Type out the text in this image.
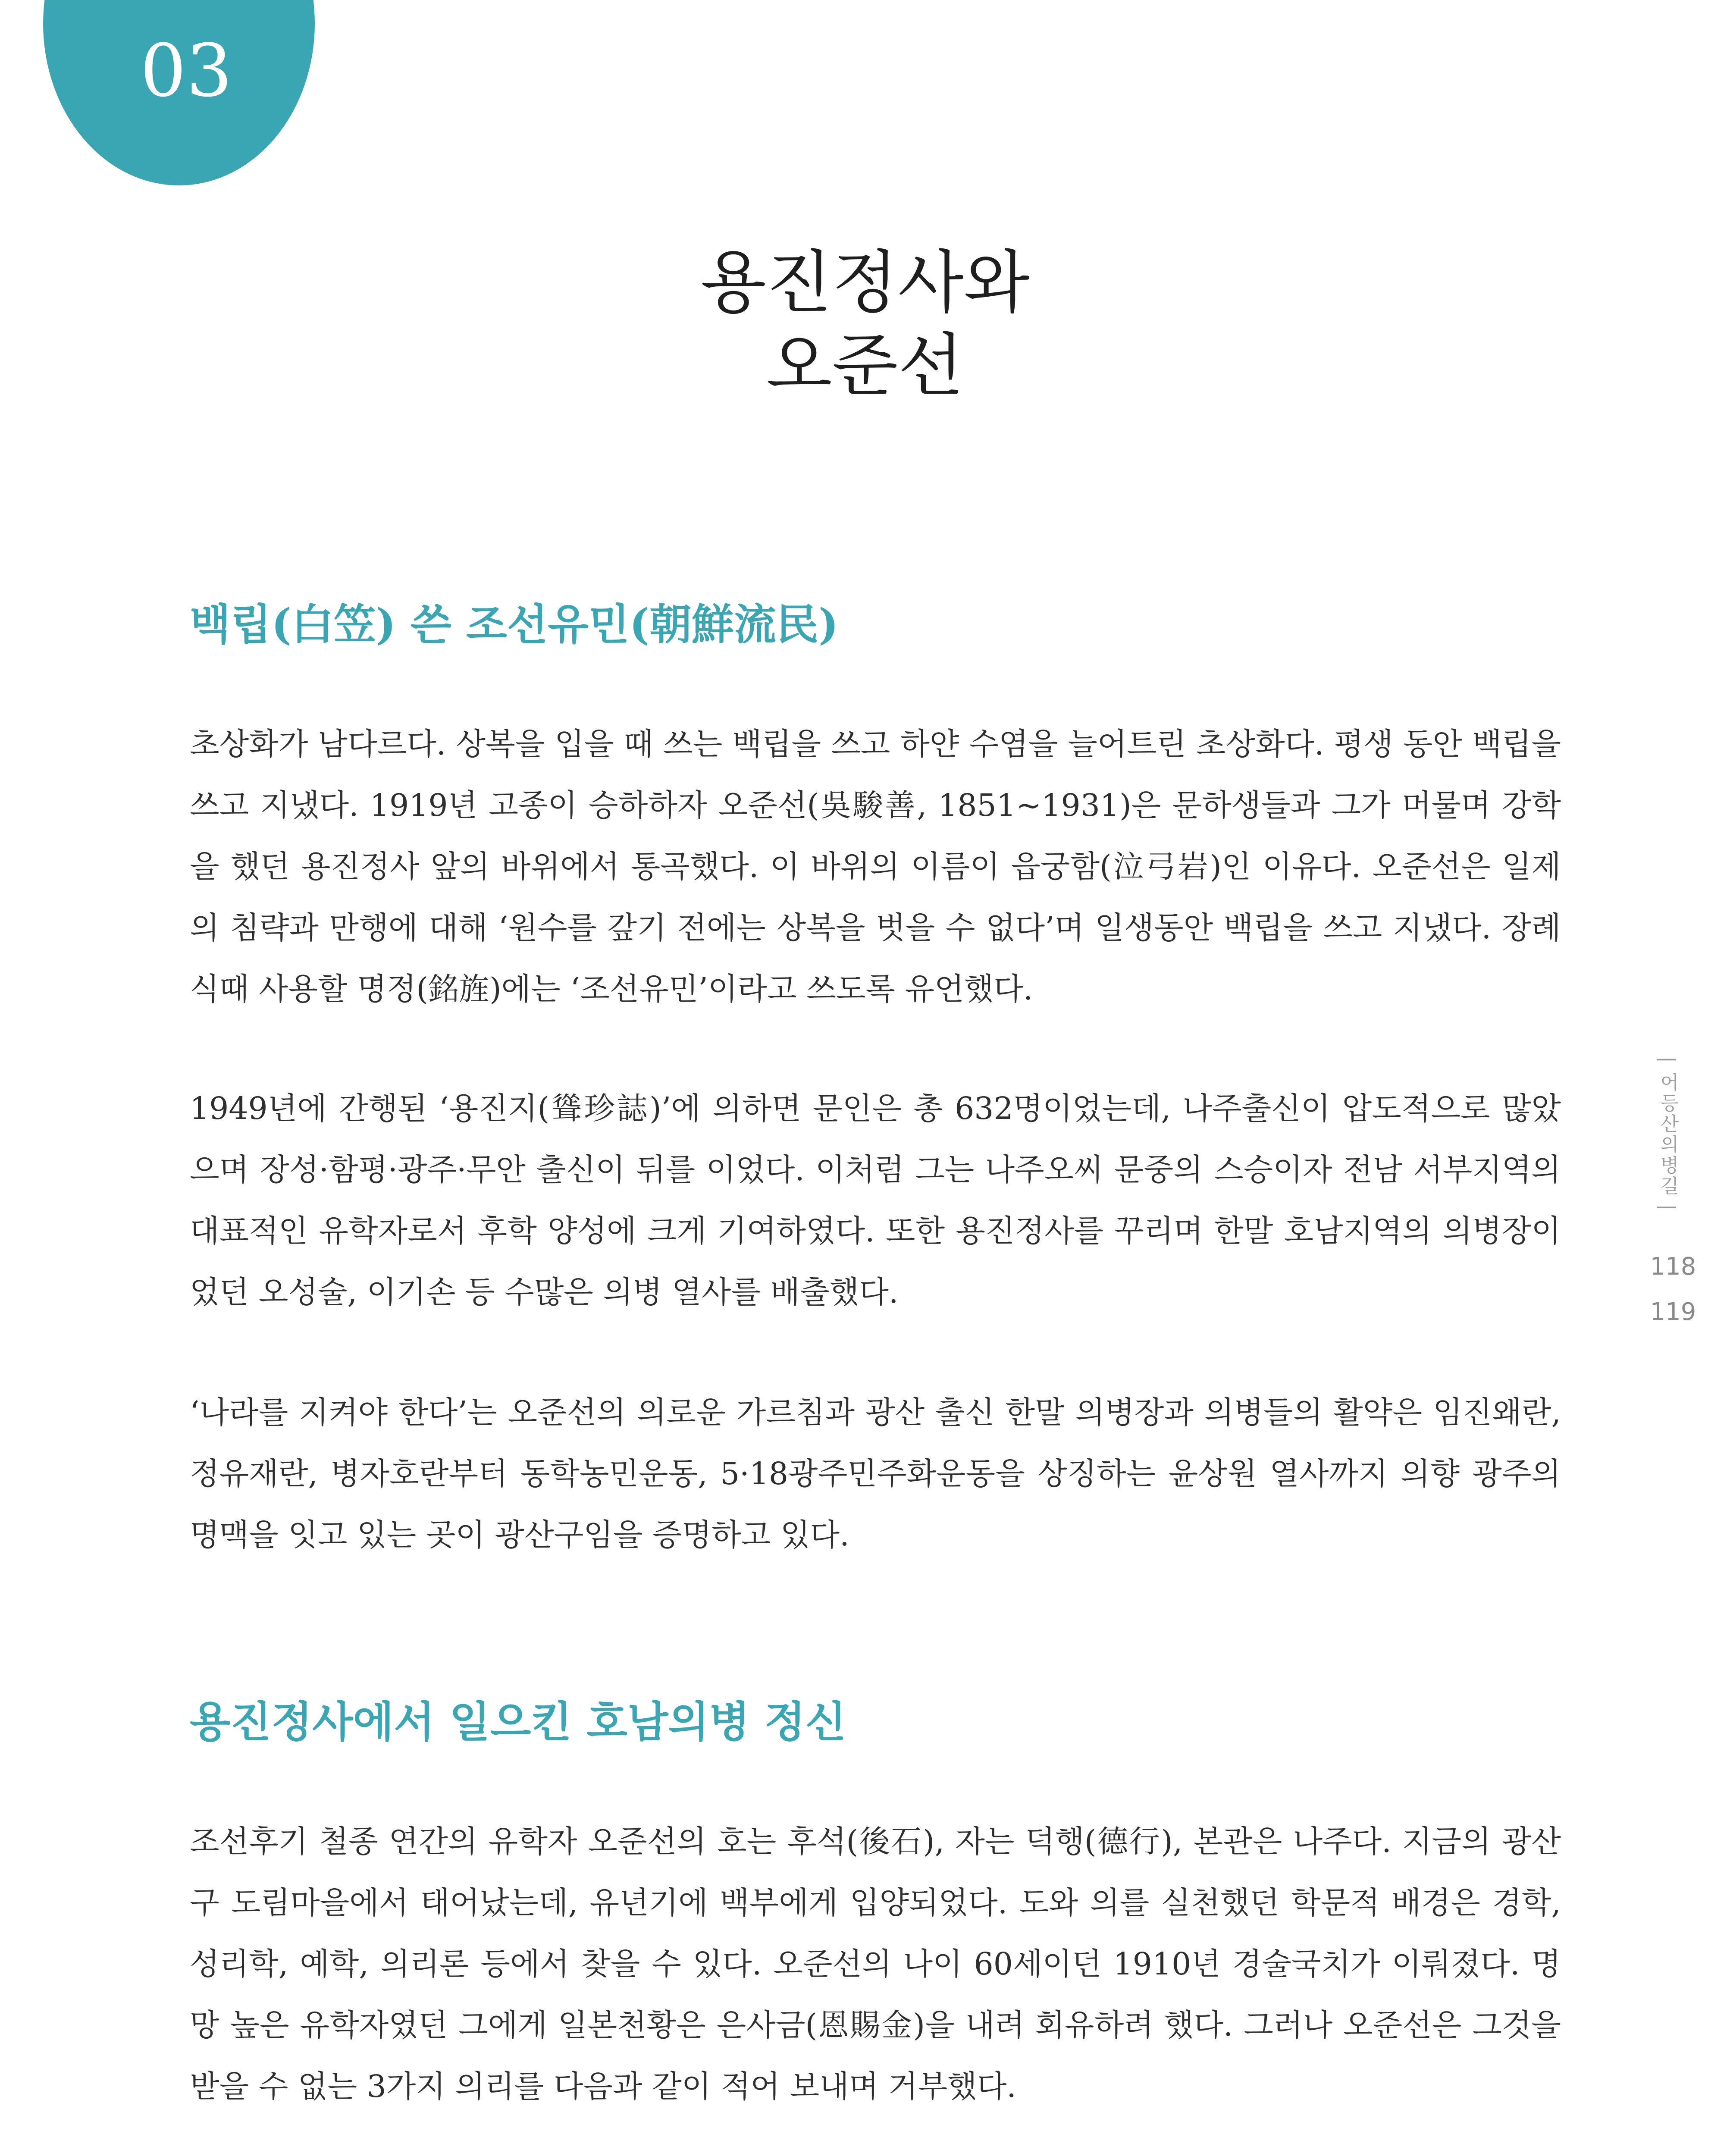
03
용진정사와
오준선
백립(白笠) 쓴 조선유민(朝鮮流民)

초상화가 남다르다. 상복을 입을 때 쓰는 백립을 쓰고 하얀 수염을 늘어트린 초상화다. 평생 동안 백립을 쓰고 지냈다. 1919년 고종이 승하하자 오준선(吳駿善, 1851~1931)은 문하생들과 그가 머물며 강학을 했던 용진정사 앞의 바위에서 통곡했다. 이 바위의 이름이 읍궁함(泣弓岩)인 이유다. 오준선은 일제의 침략과 만행에 대해 ‘원수를 갚기 전에는 상복을 벗을 수 없다’며 일생동안 백립을 쓰고 지냈다. 장례식때 사용할 명정(銘旌)에는 ‘조선유민’이라고 쓰도록 유언했다.

1949년에 간행된 ‘용진지(聳珍誌)’에 의하면 문인은 총 632명이었는데, 나주출신이 압도적으로 많았으며 장성·함평·광주·무안 출신이 뒤를 이었다. 이처럼 그는 나주오씨 문중의 스승이자 전남 서부지역의 대표적인 유학자로서 후학 양성에 크게 기여하였다. 또한 용진정사를 꾸리며 한말 호남지역의 의병장이었던 오성술, 이기손 등 수많은 의병 열사를 배출했다.

‘나라를 지켜야 한다’는 오준선의 의로운 가르침과 광산 출신 한말 의병장과 의병들의 활약은 임진왜란, 정유재란, 병자호란부터 동학농민운동, 5·18광주민주화운동을 상징하는 윤상원 열사까지 의향 광주의 명맥을 잇고 있는 곳이 광산구임을 증명하고 있다.

용진정사에서 일으킨 호남의병 정신

조선후기 철종 연간의 유학자 오준선의 호는 후석(後石), 자는 덕행(德行), 본관은 나주다. 지금의 광산구 도림마을에서 태어났는데, 유년기에 백부에게 입양되었다. 도와 의를 실천했던 학문적 배경은 경학, 성리학, 예학, 의리론 등에서 찾을 수 있다. 오준선의 나이 60세이던 1910년 경술국치가 이뤄졌다. 명망 높은 유학자였던 그에게 일본천황은 은사금(恩賜金)을 내려 회유하려 했다. 그러나 오준선은 그것을 받을 수 없는 3가지 의리를 다음과 같이 적어 보내며 거부했다.

| 어등산의병길 |
118
119
